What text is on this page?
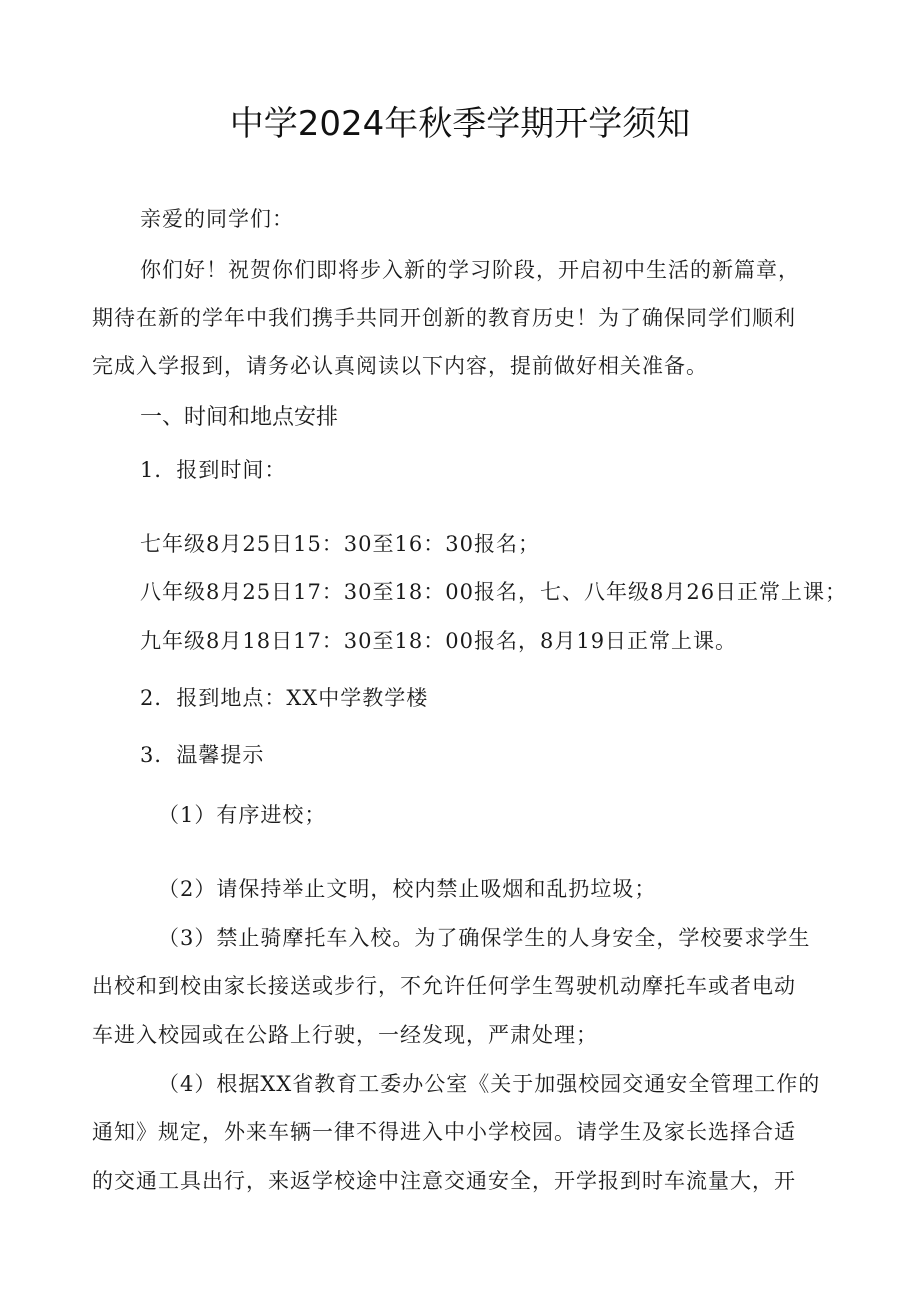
中学2024年秋季学期开学须知
亲爱的同学们：
你们好！祝贺你们即将步入新的学习阶段，开启初中生活的新篇章，
期待在新的学年中我们携手共同开创新的教育历史！为了确保同学们顺利
完成入学报到，请务必认真阅读以下内容，提前做好相关准备。
一、时间和地点安排
1．报到时间：
七年级8月25日15：30至16：30报名；
八年级8月25日17：30至18：00报名，七、八年级8月26日正常上课；
九年级8月18日17：30至18：00报名，8月19日正常上课。
2．报到地点：XX中学教学楼
3．温馨提示
（1）有序进校；
（2）请保持举止文明，校内禁止吸烟和乱扔垃圾；
（3）禁止骑摩托车入校。为了确保学生的人身安全，学校要求学生
出校和到校由家长接送或步行，不允许任何学生驾驶机动摩托车或者电动
车进入校园或在公路上行驶，一经发现，严肃处理；
（4）根据XX省教育工委办公室《关于加强校园交通安全管理工作的
通知》规定，外来车辆一律不得进入中小学校园。请学生及家长选择合适
的交通工具出行，来返学校途中注意交通安全，开学报到时车流量大，开
